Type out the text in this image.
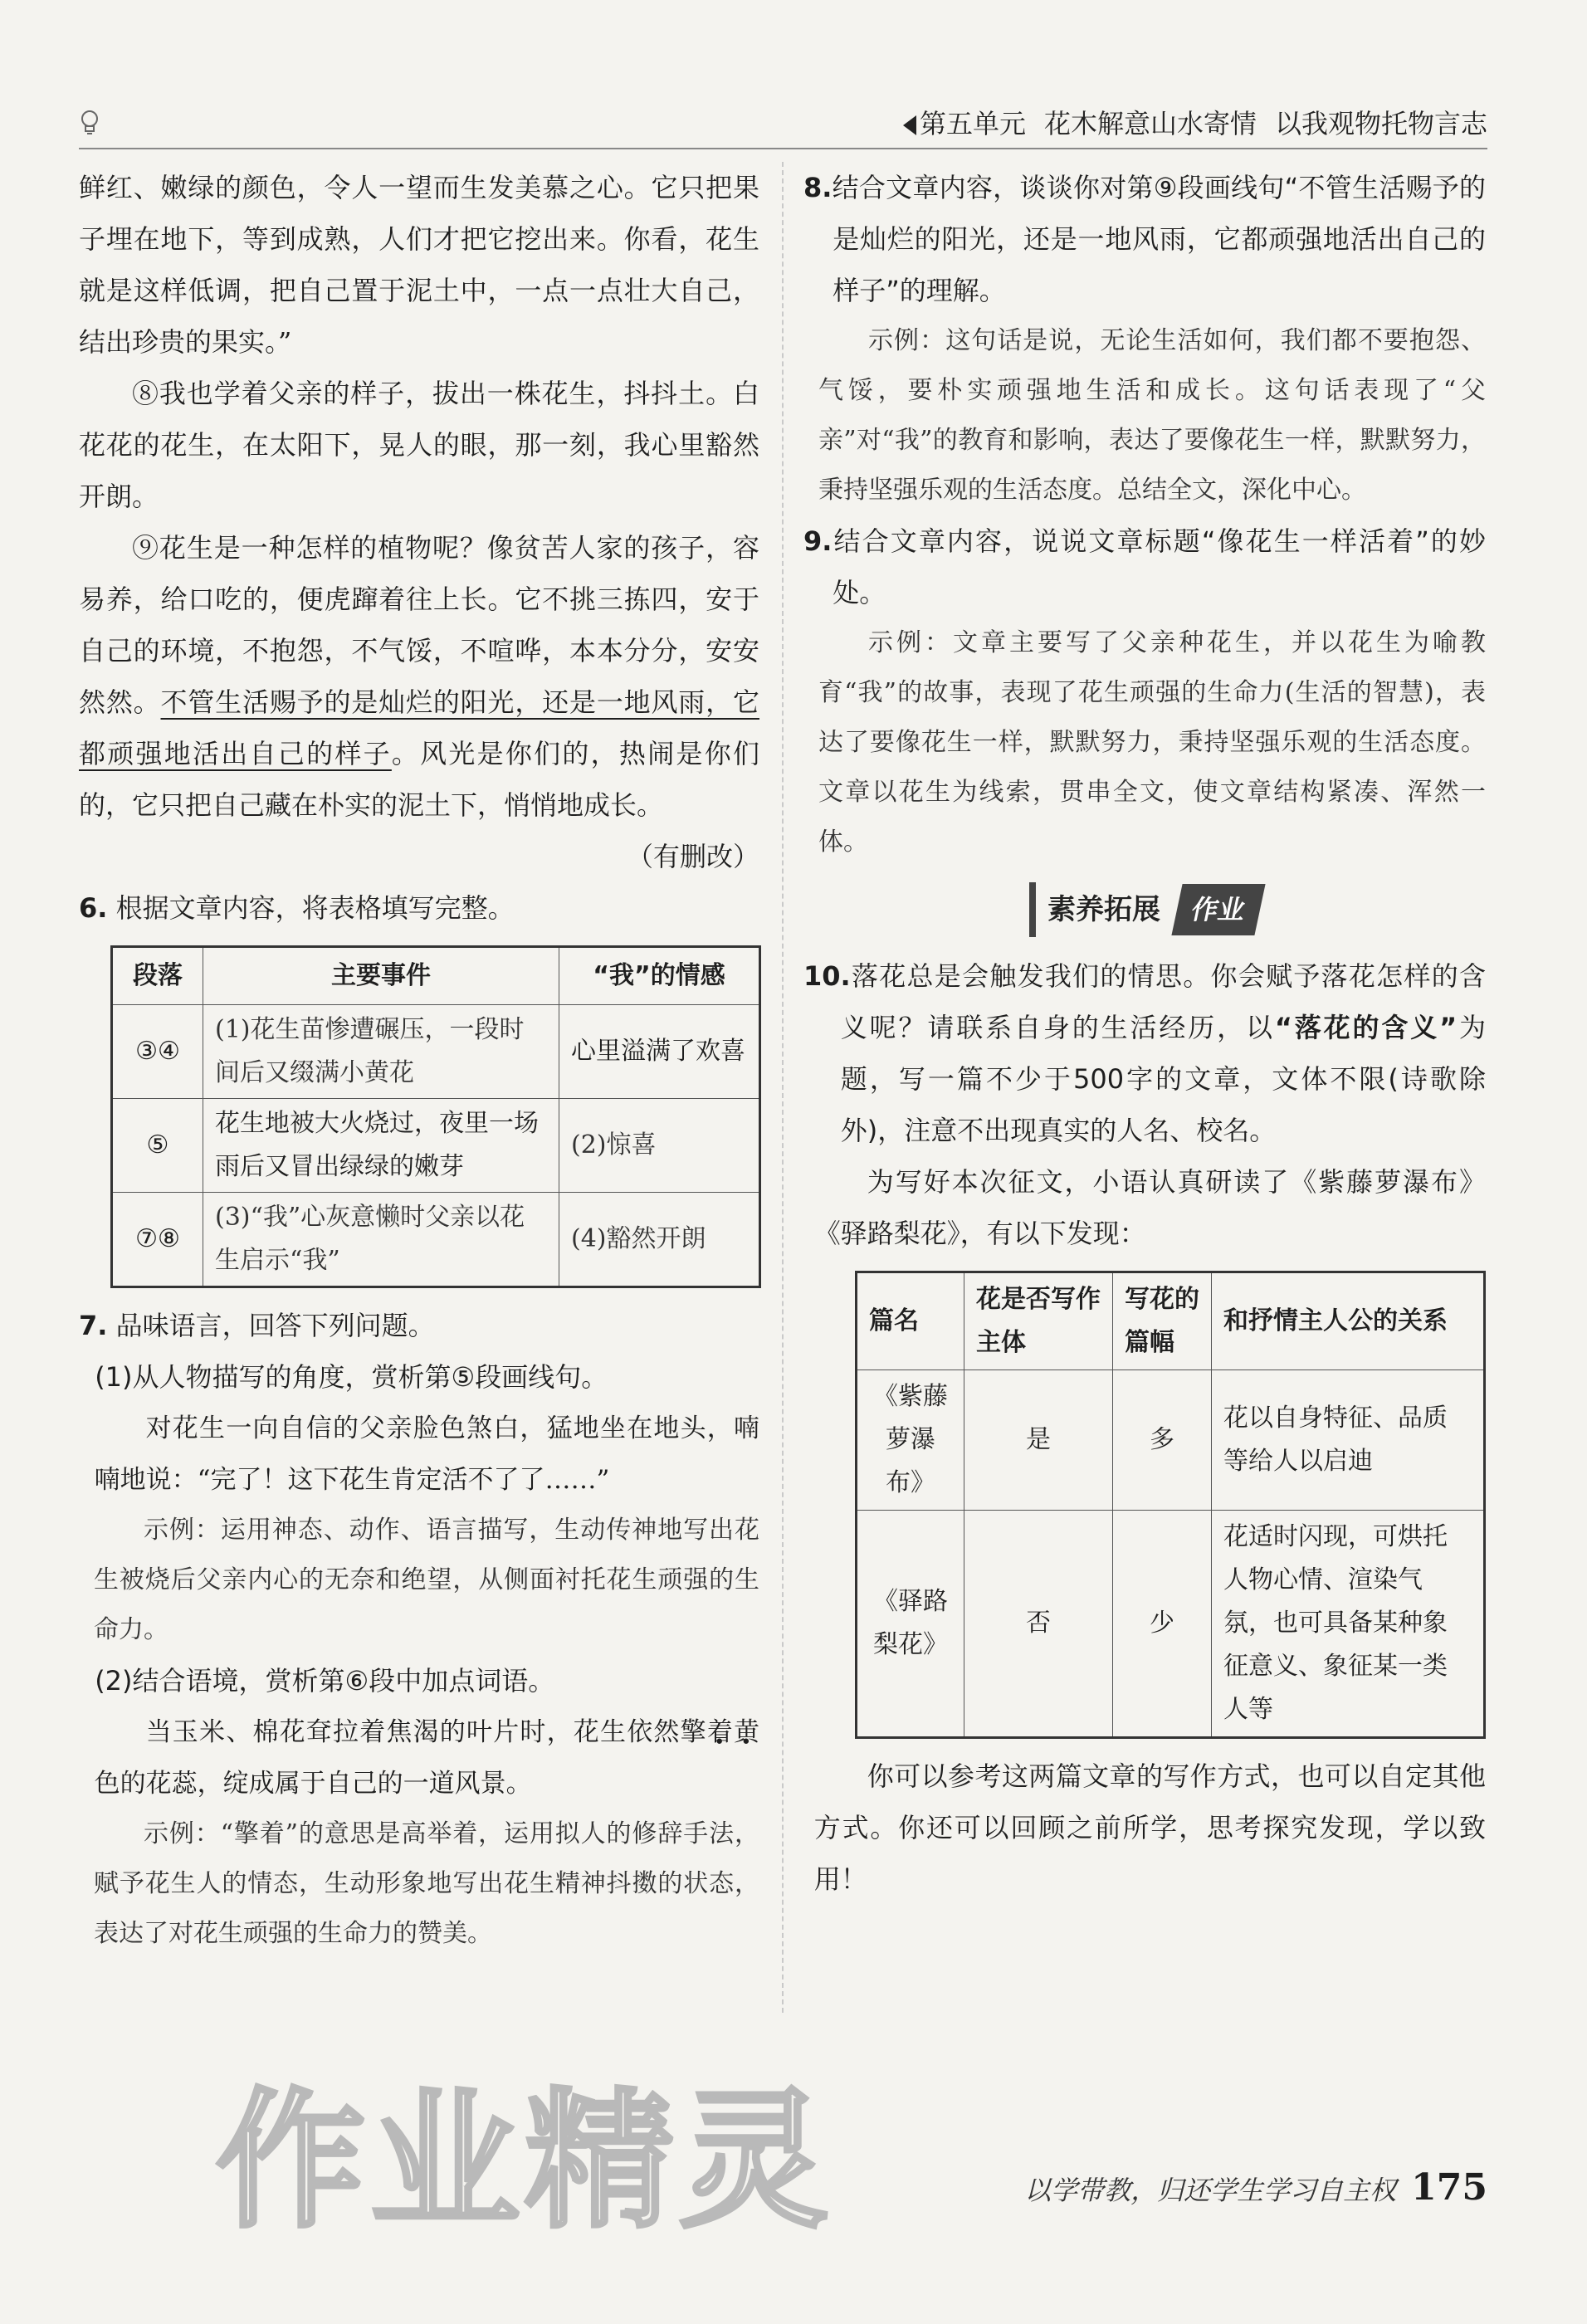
第五单元 花木解意山水寄情 以我观物托物言志

鲜红、嫩绿的颜色，令人一望而生发美慕之心。它只把果子埋在地下，等到成熟，人们才把它挖出来。你看，花生就是这样低调，把自己置于泥土中，一点一点壮大自己，结出珍贵的果实。”

⑧我也学着父亲的样子，拔出一株花生，抖抖土。白花花的花生，在太阳下，晃人的眼，那一刻，我心里豁然开朗。

⑨花生是一种怎样的植物呢？像贫苦人家的孩子，容易养，给口吃的，便虎蹿着往上长。它不挑三拣四，安于自己的环境，不抱怨，不气馁，不喧哗，本本分分，安安然然。不管生活赐予的是灿烂的阳光，还是一地风雨，它都顽强地活出自己的样子。风光是你们的，热闹是你们的，它只把自己藏在朴实的泥土下，悄悄地成长。

（有删改）

6. 根据文章内容，将表格填写完整。

段落	主要事件	“我”的情感
③④	(1)花生苗惨遭碾压，一段时间后又缀满小黄花	心里溢满了欢喜
⑤	花生地被大火烧过，夜里一场雨后又冒出绿绿的嫩芽	(2)惊喜
⑦⑧	(3)“我”心灰意懒时父亲以花生启示“我”	(4)豁然开朗

7. 品味语言，回答下列问题。

(1)从人物描写的角度，赏析第⑤段画线句。

对花生一向自信的父亲脸色煞白，猛地坐在地头，喃喃地说：“完了！这下花生肯定活不了了……”

示例：运用神态、动作、语言描写，生动传神地写出花生被烧后父亲内心的无奈和绝望，从侧面衬托花生顽强的生命力。

(2)结合语境，赏析第⑥段中加点词语。

当玉米、棉花耷拉着焦渴的叶片时，花生依然擎着黄色的花蕊，绽成属于自己的一道风景。

示例：“擎着”的意思是高举着，运用拟人的修辞手法，赋予花生人的情态，生动形象地写出花生精神抖擞的状态，表达了对花生顽强的生命力的赞美。

8.结合文章内容，谈谈你对第⑨段画线句“不管生活赐予的是灿烂的阳光，还是一地风雨，它都顽强地活出自己的样子”的理解。

示例：这句话是说，无论生活如何，我们都不要抱怨、气馁，要朴实顽强地生活和成长。这句话表现了“父亲”对“我”的教育和影响，表达了要像花生一样，默默努力，秉持坚强乐观的生活态度。总结全文，深化中心。

9.结合文章内容，说说文章标题“像花生一样活着”的妙处。

示例：文章主要写了父亲种花生，并以花生为喻教育“我”的故事，表现了花生顽强的生命力(生活的智慧)，表达了要像花生一样，默默努力，秉持坚强乐观的生活态度。文章以花生为线索，贯串全文，使文章结构紧凑、浑然一体。

素养拓展 作业

10.落花总是会触发我们的情思。你会赋予落花怎样的含义呢？请联系自身的生活经历，以“落花的含义”为题，写一篇不少于500字的文章，文体不限(诗歌除外)，注意不出现真实的人名、校名。

为写好本次征文，小语认真研读了《紫藤萝瀑布》《驿路梨花》，有以下发现：

篇名	花是否写作主体	写花的篇幅	和抒情主人公的关系
《紫藤萝瀑布》	是	多	花以自身特征、品质等给人以启迪
《驿路梨花》	否	少	花适时闪现，可烘托人物心情、渲染气氛，也可具备某种象征意义、象征某一类人等

你可以参考这两篇文章的写作方式，也可以自定其他方式。你还可以回顾之前所学，思考探究发现，学以致用！

作业精灵	以学带教，归还学生学习自主权 175
